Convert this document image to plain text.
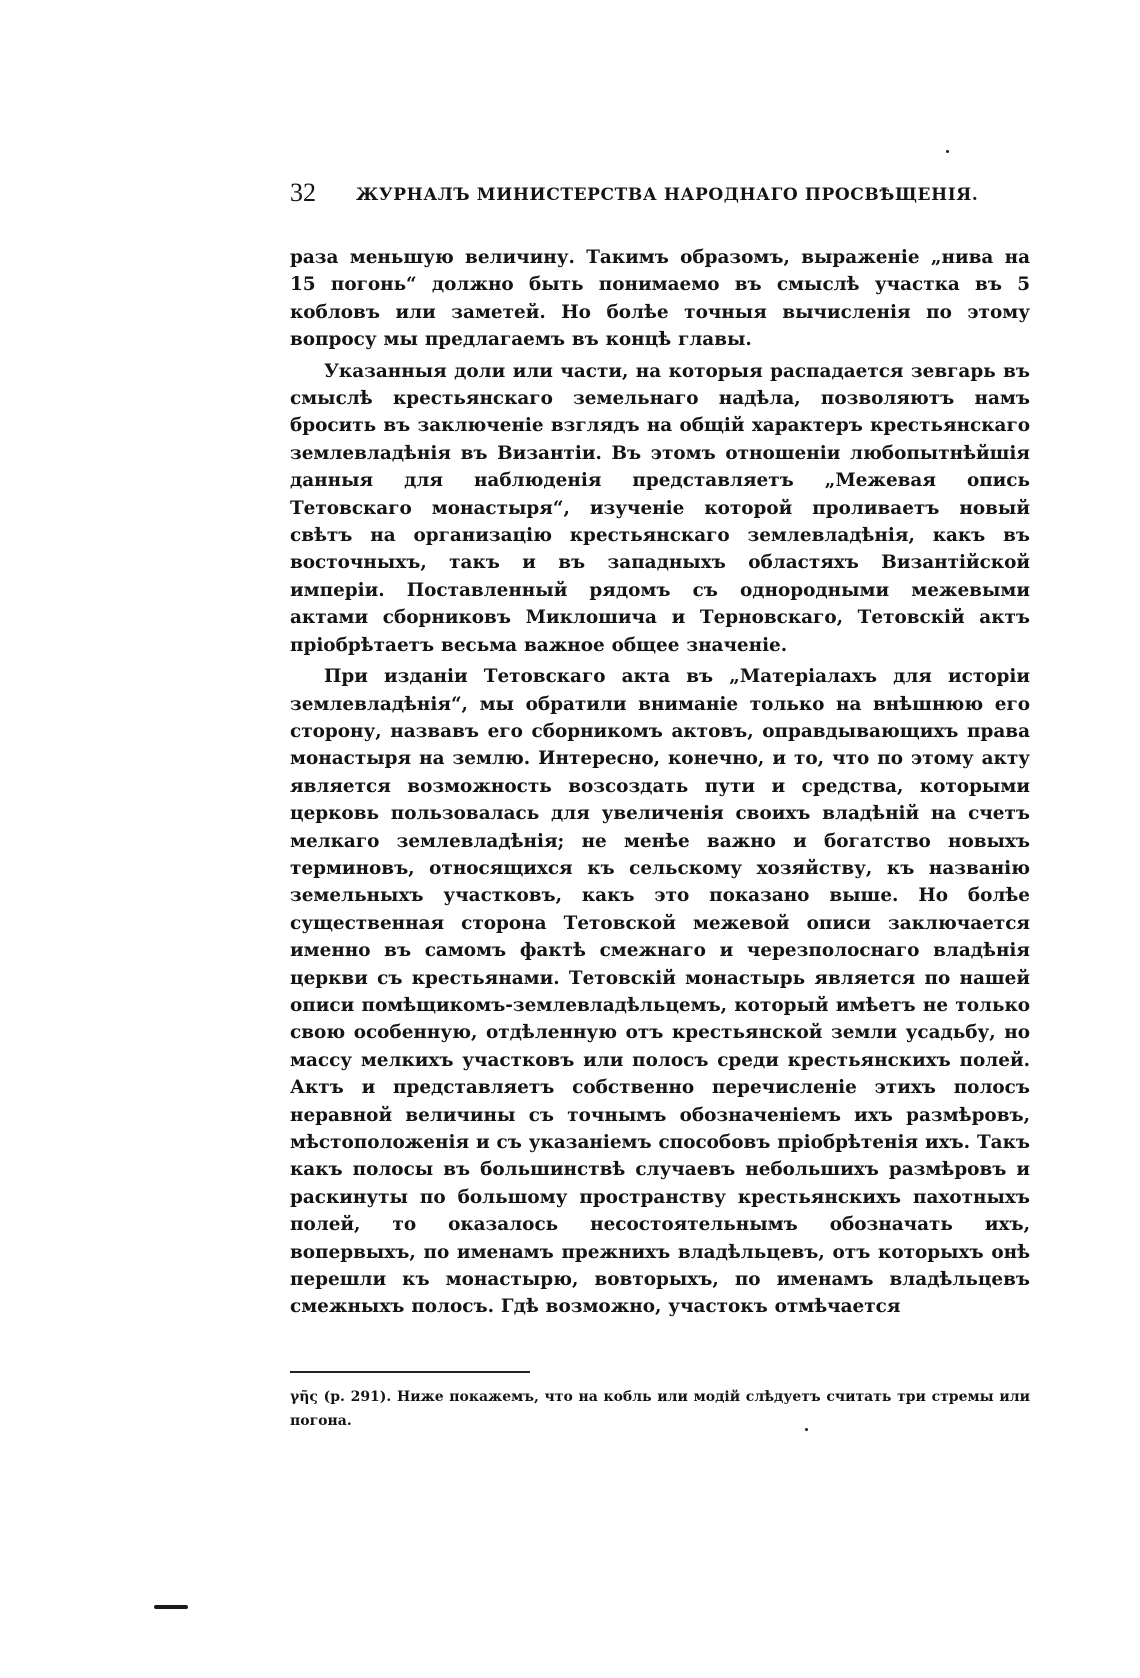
32 ЖУРНАЛЪ МИНИСТЕРСТВА НАРОДНАГО ПРОСВѢЩЕНІЯ.

раза меньшую величину. Такимъ образомъ, выраженіе „нива на 15 погонь“ должно быть понимаемо въ смыслѣ участка въ 5 кобловъ или заметей. Но болѣе точныя вычисленія по этому вопросу мы предлагаемъ въ концѣ главы.

Указанныя доли или части, на которыя распадается зевгарь въ смыслѣ крестьянскаго земельнаго надѣла, позволяютъ намъ бросить въ заключеніе взглядъ на общій характеръ крестьянскаго землевладѣнія въ Византіи. Въ этомъ отношеніи любопытнѣйшія данныя для наблюденія представляетъ „Межевая опись Тетовскаго монастыря“, изученіе которой проливаетъ новый свѣтъ на организацію крестьянскаго землевладѣнія, какъ въ восточныхъ, такъ и въ западныхъ областяхъ Византійской имперіи. Поставленный рядомъ съ однородными межевыми актами сборниковъ Миклошича и Терновскаго, Тетовскій актъ пріобрѣтаетъ весьма важное общее значеніе.

При изданіи Тетовскаго акта въ „Матеріалахъ для исторіи землевладѣнія“, мы обратили вниманіе только на внѣшнюю его сторону, назвавъ его сборникомъ актовъ, оправдывающихъ права монастыря на землю. Интересно, конечно, и то, что по этому акту является возможность возсоздать пути и средства, которыми церковь пользовалась для увеличенія своихъ владѣній на счетъ мелкаго землевладѣнія; не менѣе важно и богатство новыхъ терминовъ, относящихся къ сельскому хозяйству, къ названію земельныхъ участковъ, какъ это показано выше. Но болѣе существенная сторона Тетовской межевой описи заключается именно въ самомъ фактѣ смежнаго и черезполоснаго владѣнія церкви съ крестьянами. Тетовскій монастырь является по нашей описи помѣщикомъ-землевладѣльцемъ, который имѣетъ не только свою особенную, отдѣленную отъ крестьянской земли усадьбу, но массу мелкихъ участковъ или полосъ среди крестьянскихъ полей. Актъ и представляетъ собственно перечисленіе этихъ полосъ неравной величины съ точнымъ обозначеніемъ ихъ размѣровъ, мѣстоположенія и съ указаніемъ способовъ пріобрѣтенія ихъ. Такъ какъ полосы въ большинствѣ случаевъ небольшихъ размѣровъ и раскинуты по большому пространству крестьянскихъ пахотныхъ полей, то оказалось несостоятельнымъ обозначать ихъ, вопервыхъ, по именамъ прежнихъ владѣльцевъ, отъ которыхъ онѣ перешли къ монастырю, вовторыхъ, по именамъ владѣльцевъ смежныхъ полосъ. Гдѣ возможно, участокъ отмѣчается

γῆς (р. 291). Ниже покажемъ, что на кобль или модій слѣдуетъ считать три стремы или погона.
